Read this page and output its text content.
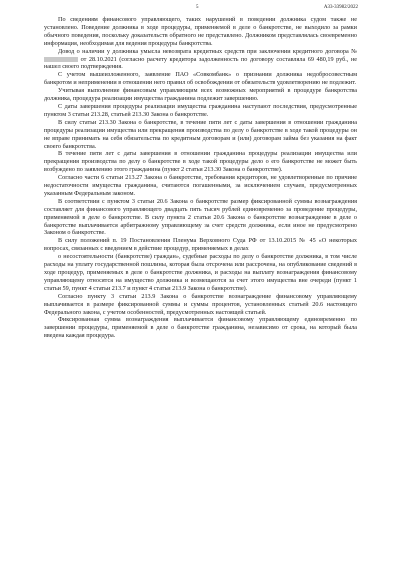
5	А33-33982/2022

По сведениям финансового управляющего, таких нарушений в поведении должника судом также не установлено. Поведение должника в ходе процедуры, применяемой в деле о банкротстве, не выходило за рамки обычного поведения, поскольку доказательств обратного не представлено. Должником представлялась своевременно информация, необходимая для ведения процедуры банкротства.

Довод о наличии у должника умысла невозврата кредитных средств при заключении кредитного договора №  от 28.10.2021 (согласно расчету кредитора задолженность по договору составляла 69 480,19 руб., не нашел своего подтверждения.

С учетом вышеизложенного, заявление ПАО «Совкомбанк» о признании должника недобросовестным банкротом и неприменении в отношении него правил об освобождении от обязательств удовлетворению не подлежит.

Учитывая выполнение финансовым управляющим всех возможных мероприятий в процедуре банкротства должника, процедура реализации имущества гражданина подлежит завершению.

С даты завершения процедуры реализации имущества гражданина наступают последствия, предусмотренные пунктом 3 статьи 213.28, статьей 213.30 Закона о банкротстве.

В силу статьи 213.30 Закона о банкротстве, в течение пяти лет с даты завершения в отношении гражданина процедуры реализации имущества или прекращения производства по делу о банкротстве в ходе такой процедуры он не вправе принимать на себя обязательства по кредитным договорам и (или) договорам займа без указания на факт своего банкротства.

В течение пяти лет с даты завершения в отношении гражданина процедуры реализации имущества или прекращения производства по делу о банкротстве в ходе такой процедуры дело о его банкротстве не может быть возбуждено по заявлению этого гражданина (пункт 2 статьи 213.30 Закона о банкротстве).

Согласно части 6 статьи 213.27 Закона о банкротстве, требования кредиторов, не удовлетворенные по причине недостаточности имущества гражданина, считаются погашенными, за исключением случаев, предусмотренных указанным Федеральным законом.

В соответствии с пунктом 3 статьи 20.6 Закона о банкротстве размер фиксированной суммы вознаграждения составляет для финансового управляющего двадцать пять тысяч рублей единовременно за проведение процедуры, применяемой в деле о банкротстве. В силу пункта 2 статьи 20.6 Закона о банкротстве вознаграждение в деле о банкротстве выплачивается арбитражному управляющему за счет средств должника, если иное не предусмотрено Законом о банкротстве.

В силу положений п. 19 Постановления Пленума Верховного Суда РФ от 13.10.2015 № 45 «О некоторых вопросах, связанных с введением в действие процедур, применяемых в делах

о несостоятельности (банкротстве) граждан», судебные расходы по делу о банкротстве должника, в том числе расходы на уплату государственной пошлины, которая была отсрочена или рассрочена, на опубликование сведений в ходе процедур, применяемых в деле о банкротстве должника, и расходы на выплату вознаграждения финансовому управляющему относятся на имущество должника и возмещаются за счет этого имущества вне очереди (пункт 1 статьи 59, пункт 4 статьи 213.7 и пункт 4 статьи 213.9 Закона о банкротстве).

Согласно пункту 3 статьи 213.9 Закона о банкротстве вознаграждение финансовому управляющему выплачивается в размере фиксированной суммы и суммы процентов, установленных статьей 20.6 настоящего Федерального закона, с учетом особенностей, предусмотренных настоящей статьей.

Фиксированная сумма вознаграждения выплачивается финансовому управляющему единовременно по завершении процедуры, применяемой в деле о банкротстве гражданина, независимо от срока, на который была введена каждая процедура.
